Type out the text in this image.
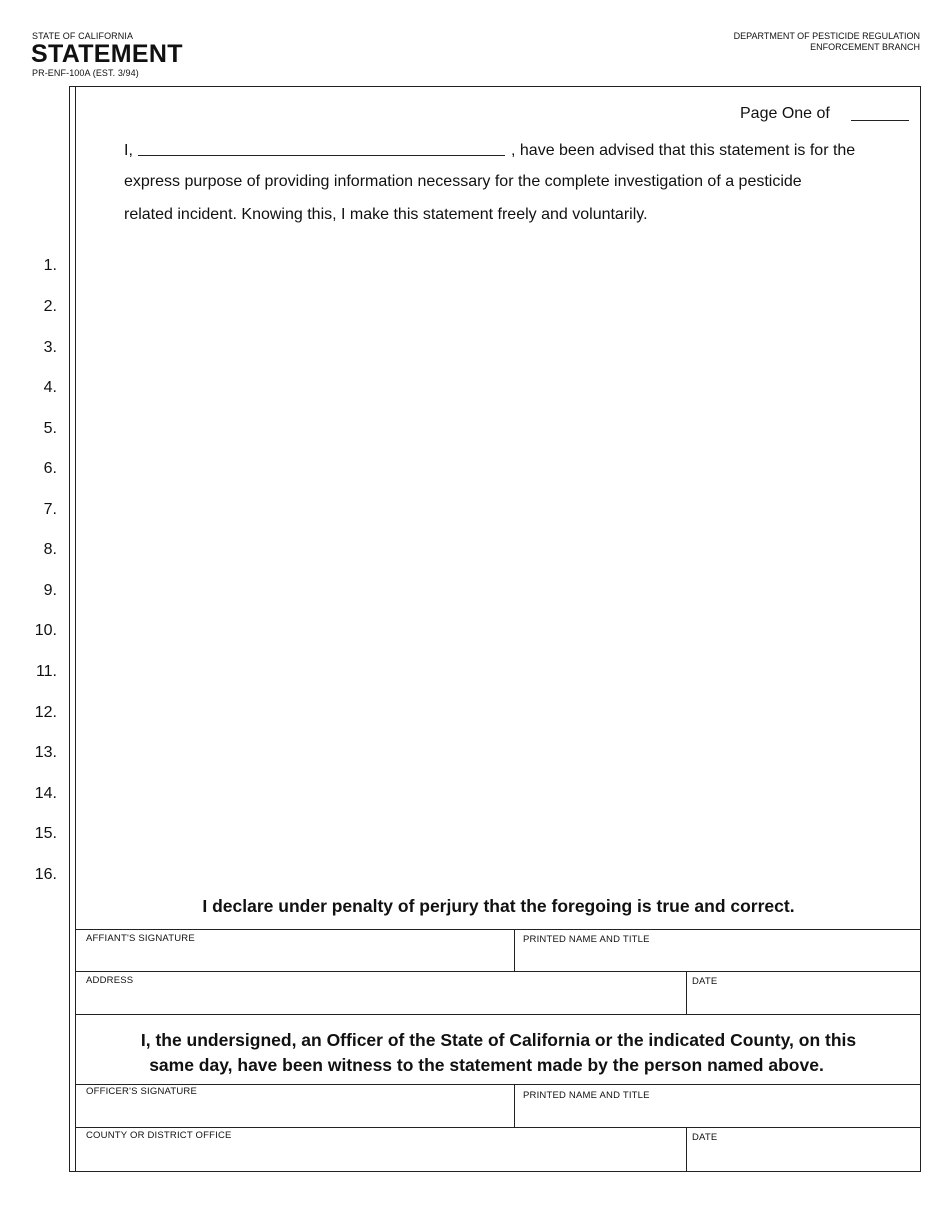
STATE OF CALIFORNIA
STATEMENT
PR-ENF-100A (EST. 3/94)
DEPARTMENT OF PESTICIDE REGULATION
ENFORCEMENT BRANCH
Page One of
I,	, have been advised that this statement is for the
express purpose of providing information necessary for the complete investigation of a pesticide
related incident. Knowing this, I make this statement freely and voluntarily.
1.
2.
3.
4.
5.
6.
7.
8.
9.
10.
11.
12.
13.
14.
15.
16.
I declare under penalty of perjury that the foregoing is true and correct.
AFFIANT'S SIGNATURE	PRINTED NAME AND TITLE
ADDRESS	DATE
I, the undersigned, an Officer of the State of California or the indicated County, on this
same day, have been witness to the statement made by the person named above.
OFFICER'S SIGNATURE	PRINTED NAME AND TITLE
COUNTY OR DISTRICT OFFICE	DATE
